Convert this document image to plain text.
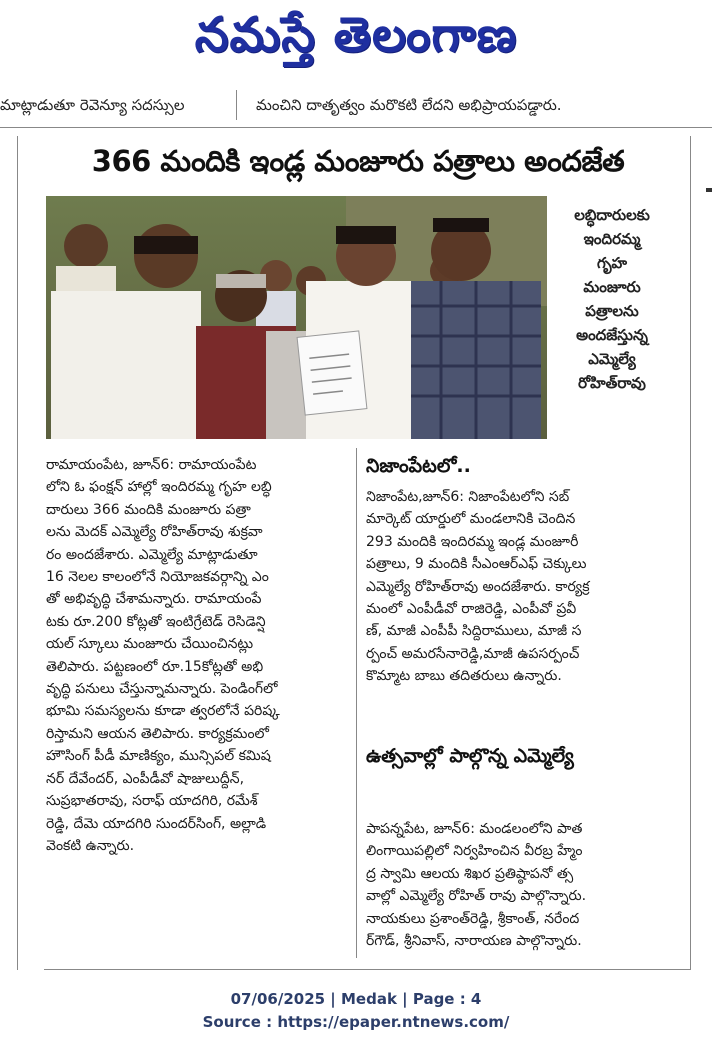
నమస్తే తెలంగాణ
మాట్లాడుతూ రెవెన్యూ సదస్సుల	మంచిని దాతృత్వం మరొకటి లేదని అభిప్రాయపడ్డారు.
366 మందికి ఇండ్ల మంజూరు పత్రాలు అందజేత
లబ్ధిదారులకు
ఇందిరమ్మ
గృహ
మంజూరు
పత్రాలను
అందజేస్తున్న
ఎమ్మెల్యే
రోహిత్‌రావు
రామాయంపేట, జూన్‌6: రామాయంపేట
లోని ఓ ఫంక్షన్ హాల్లో ఇందిరమ్మ గృహ లబ్ధి
దారులు 366 మందికి మంజూరు పత్రా
లను మెదక్ ఎమ్మెల్యే రోహిత్‌రావు శుక్రవా
రం అందజేశారు. ఎమ్మెల్యే మాట్లాడుతూ
16 నెలల కాలంలోనే నియోజకవర్గాన్ని ఎం
తో అభివృద్ధి చేశామన్నారు. రామాయంపే
టకు రూ.200 కోట్లతో ఇంటిగ్రేటెడ్ రెసిడెన్షి
యల్ స్కూలు మంజూరు చేయించినట్లు
తెలిపారు. పట్టణంలో రూ.15కోట్లతో అభి
వృద్ధి పనులు చేస్తున్నామన్నారు. పెండింగ్‌లో
భూమి సమస్యలను కూడా త్వరలోనే పరిష్క
రిస్తామని ఆయన తెలిపారు. కార్యక్రమంలో
హౌసింగ్ పీడీ మాణిక్యం, మున్సిపల్ కమిష
నర్ దేవేందర్, ఎంపీడీవో షాజులుద్దీన్,
సుప్రభాతరావు, సరాఫ్ యాదగిరి, రమేశ్
రెడ్డి, దేమె యాదగిరి సుందర్‌సింగ్, అల్లాడి
వెంకటి ఉన్నారు.
నిజాంపేటలో..
నిజాంపేట,జూన్‌6: నిజాంపేటలోని సబ్
మార్కెట్ యార్డులో మండలానికి చెందిన
293 మందికి ఇందిరమ్మ ఇండ్ల మంజూరీ
పత్రాలు, 9 మందికి సీఎంఆర్ఎఫ్ చెక్కులు
ఎమ్మెల్యే రోహిత్‌రావు అందజేశారు. కార్యక్ర
మంలో ఎంపీడీవో రాజిరెడ్డి, ఎంపీవో ప్రవీ
ణ్, మాజీ ఎంపీపీ సిద్దిరాములు, మాజీ స
ర్పంచ్ అమరసేనారెడ్డి,మాజీ ఉపసర్పంచ్
కొమ్మాట బాబు తదితరులు ఉన్నారు.
ఉత్సవాల్లో పాల్గొన్న ఎమ్మెల్యే
పాపన్నపేట, జూన్‌6: మండలంలోని పాత
లింగాయిపల్లిలో నిర్వహించిన వీరబ్ర హ్మేం
ద్ర స్వామి ఆలయ శిఖర ప్రతిష్ఠాపనో త్స
వాల్లో ఎమ్మెల్యే రోహిత్ రావు పాల్గొన్నారు.
నాయకులు ప్రశాంత్‌రెడ్డి, శ్రీకాంత్, నరేంద
ర్‌గౌడ్, శ్రీనివాస్, నారాయణ పాల్గొన్నారు.
07/06/2025 | Medak | Page : 4
Source : https://epaper.ntnews.com/
